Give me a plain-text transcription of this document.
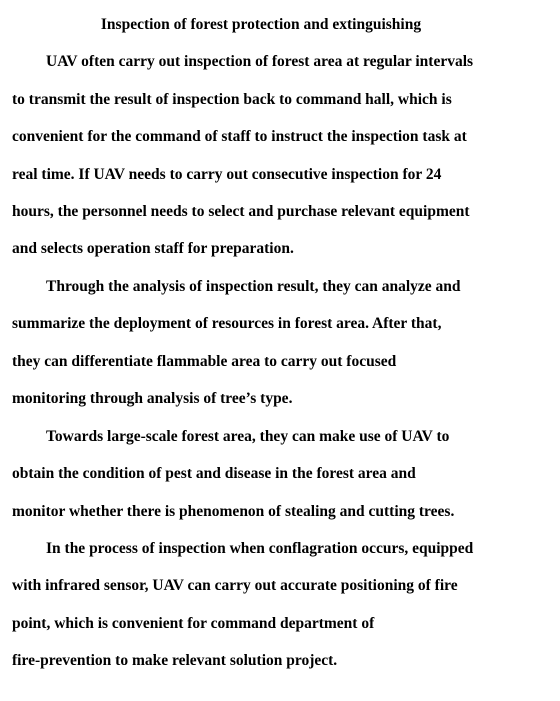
Inspection of forest protection and extinguishing
UAV often carry out inspection of forest area at regular intervals
to transmit the result of inspection back to command hall, which is
convenient for the command of staff to instruct the inspection task at
real time. If UAV needs to carry out consecutive inspection for 24
hours, the personnel needs to select and purchase relevant equipment
and selects operation staff for preparation.
Through the analysis of inspection result, they can analyze and
summarize the deployment of resources in forest area. After that,
they can differentiate flammable area to carry out focused
monitoring through analysis of tree’s type.
Towards large-scale forest area, they can make use of UAV to
obtain the condition of pest and disease in the forest area and
monitor whether there is phenomenon of stealing and cutting trees.
In the process of inspection when conflagration occurs, equipped
with infrared sensor, UAV can carry out accurate positioning of fire
point, which is convenient for command department of
fire-prevention to make relevant solution project.
